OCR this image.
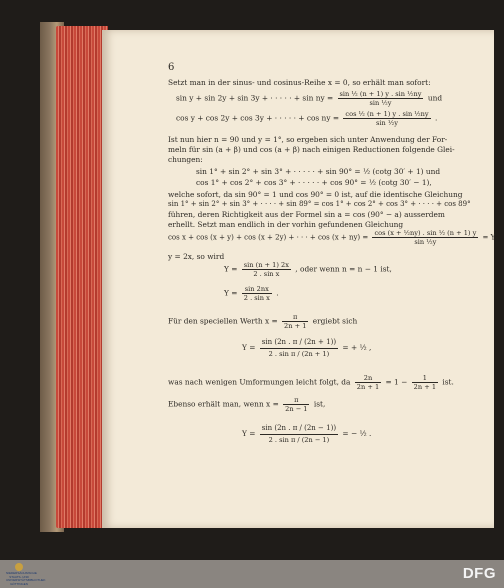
6
Setzt man in der sinus- und cosinus-Reihe x = 0, so erhält man sofort:
sin y + sin 2y + sin 3y + · · · · · + sin ny = $\frac{\text{sin ½ (n + 1) y . sin ½ny}}{\text{sin ½y}}$ und
cos y + cos 2y + cos 3y + · · · · · + cos ny = $\frac{\text{cos ½ (n + 1) y . sin ½ny}}{\text{sin ½y}}$ .
Ist nun hier n = 90 und y = 1°, so ergeben sich unter Anwendung der For-
meln für sin (a + β) und cos (a + β) nach einigen Reductionen folgende Glei-
chungen:
sin 1° + sin 2° + sin 3° + · · · · · + sin 90° = ½ (cotg 30′ + 1) und
cos 1° + cos 2° + cos 3° + · · · · · + cos 90° = ½ (cotg 30′ − 1),
welche sofort, da sin 90° = 1 und cos 90° = 0 ist, auf die identische Gleichung
sin 1° + sin 2° + sin 3° + · · · · + sin 89° = cos 1° + cos 2° + cos 3° + · · · · + cos 89°
führen, deren Richtigkeit aus der Formel sin a = cos (90° − a) ausserdem
erhellt. Setzt man endlich in der vorhin gefundenen Gleichung
cos x + cos (x + y) + cos (x + 2y) + · · · + $\cos (x + ny) = \frac{\text{cos (x + ½ny) . sin ½ (n + 1) y}}{\text{sin ½y}} = Y$
y = 2x, so wird
$Y = \frac{\sin (n + 1) 2x}{\text{2 . sin x}}$ , oder wenn n = n − 1 ist,
$Y = \frac{\sin 2nx}{\text{2 . sin x}}$ .
Für den speciellen Werth $x = \frac{\pi}{2n + 1}$ ergiebt sich
$Y = \frac{\sin (2n . \pi / (2n + 1))}{\text{2 . sin π / (2n + 1)}}$ = + ½ ,
was nach wenigen Umformungen leicht folgt, da $\frac{2n}{2n + 1} = 1 - \frac{1}{2n + 1}$ ist.
Ebenso erhält man, wenn $x = \frac{\pi}{2n - 1}$ ist,
$Y = \frac{\sin (2n . \pi / (2n - 1))}{\text{2 . sin π / (2n − 1)}}$ = − ½ .
NIEDERSÄCHSISCHE STAATS- UND UNIVERSITÄTSBIBLIOTHEK GÖTTINGEN
DFG
